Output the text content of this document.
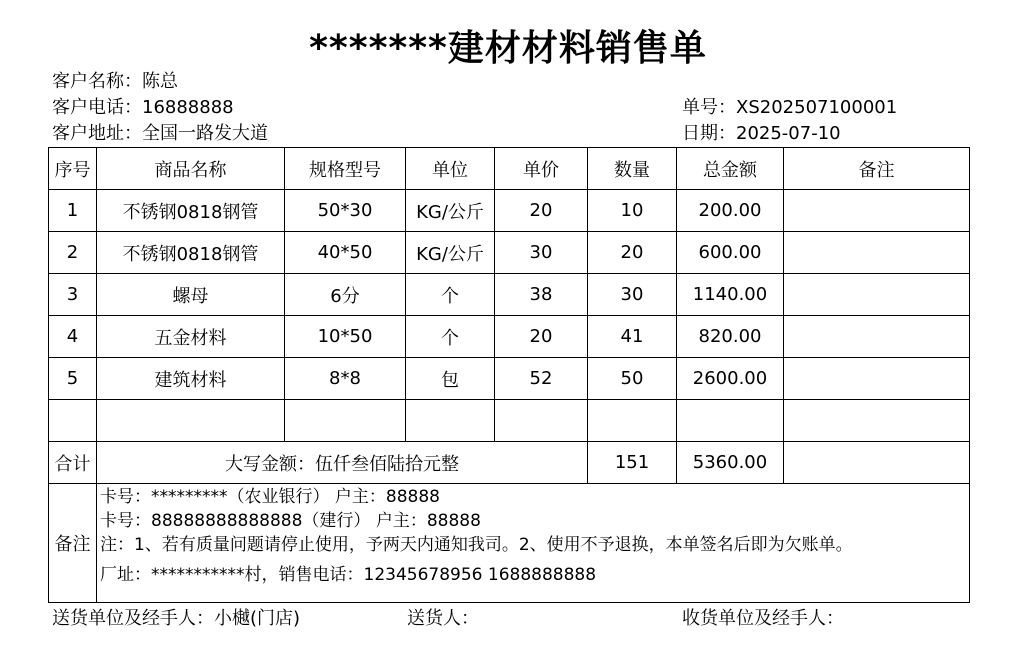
*******建材材料销售单
客户名称：陈总
客户电话：16888888
客户地址：全国一路发大道
单号：XS202507100001
日期：2025-07-10
序号	商品名称	规格型号	单位	单价	数量	总金额	备注
1	不锈钢0818钢管	50*30	KG/公斤	20	10	200.00	
2	不锈钢0818钢管	40*50	KG/公斤	30	20	600.00	
3	螺母	6分	个	38	30	1140.00	
4	五金材料	10*50	个	20	41	820.00	
5	建筑材料	8*8	包	52	50	2600.00	

合计	大写金额：伍仟叁佰陆拾元整				151	5360.00	
备注	卡号：*********（农业银行） 户主：88888
卡号：88888888888888（建行） 户主：88888
注：1、若有质量问题请停止使用，予两天内通知我司。2、使用不予退换，本单签名后即为欠账单。
厂址：***********村，销售电话：12345678956 1688888888						
送货单位及经手人：小樾(门店)	送货人：	收货单位及经手人：
